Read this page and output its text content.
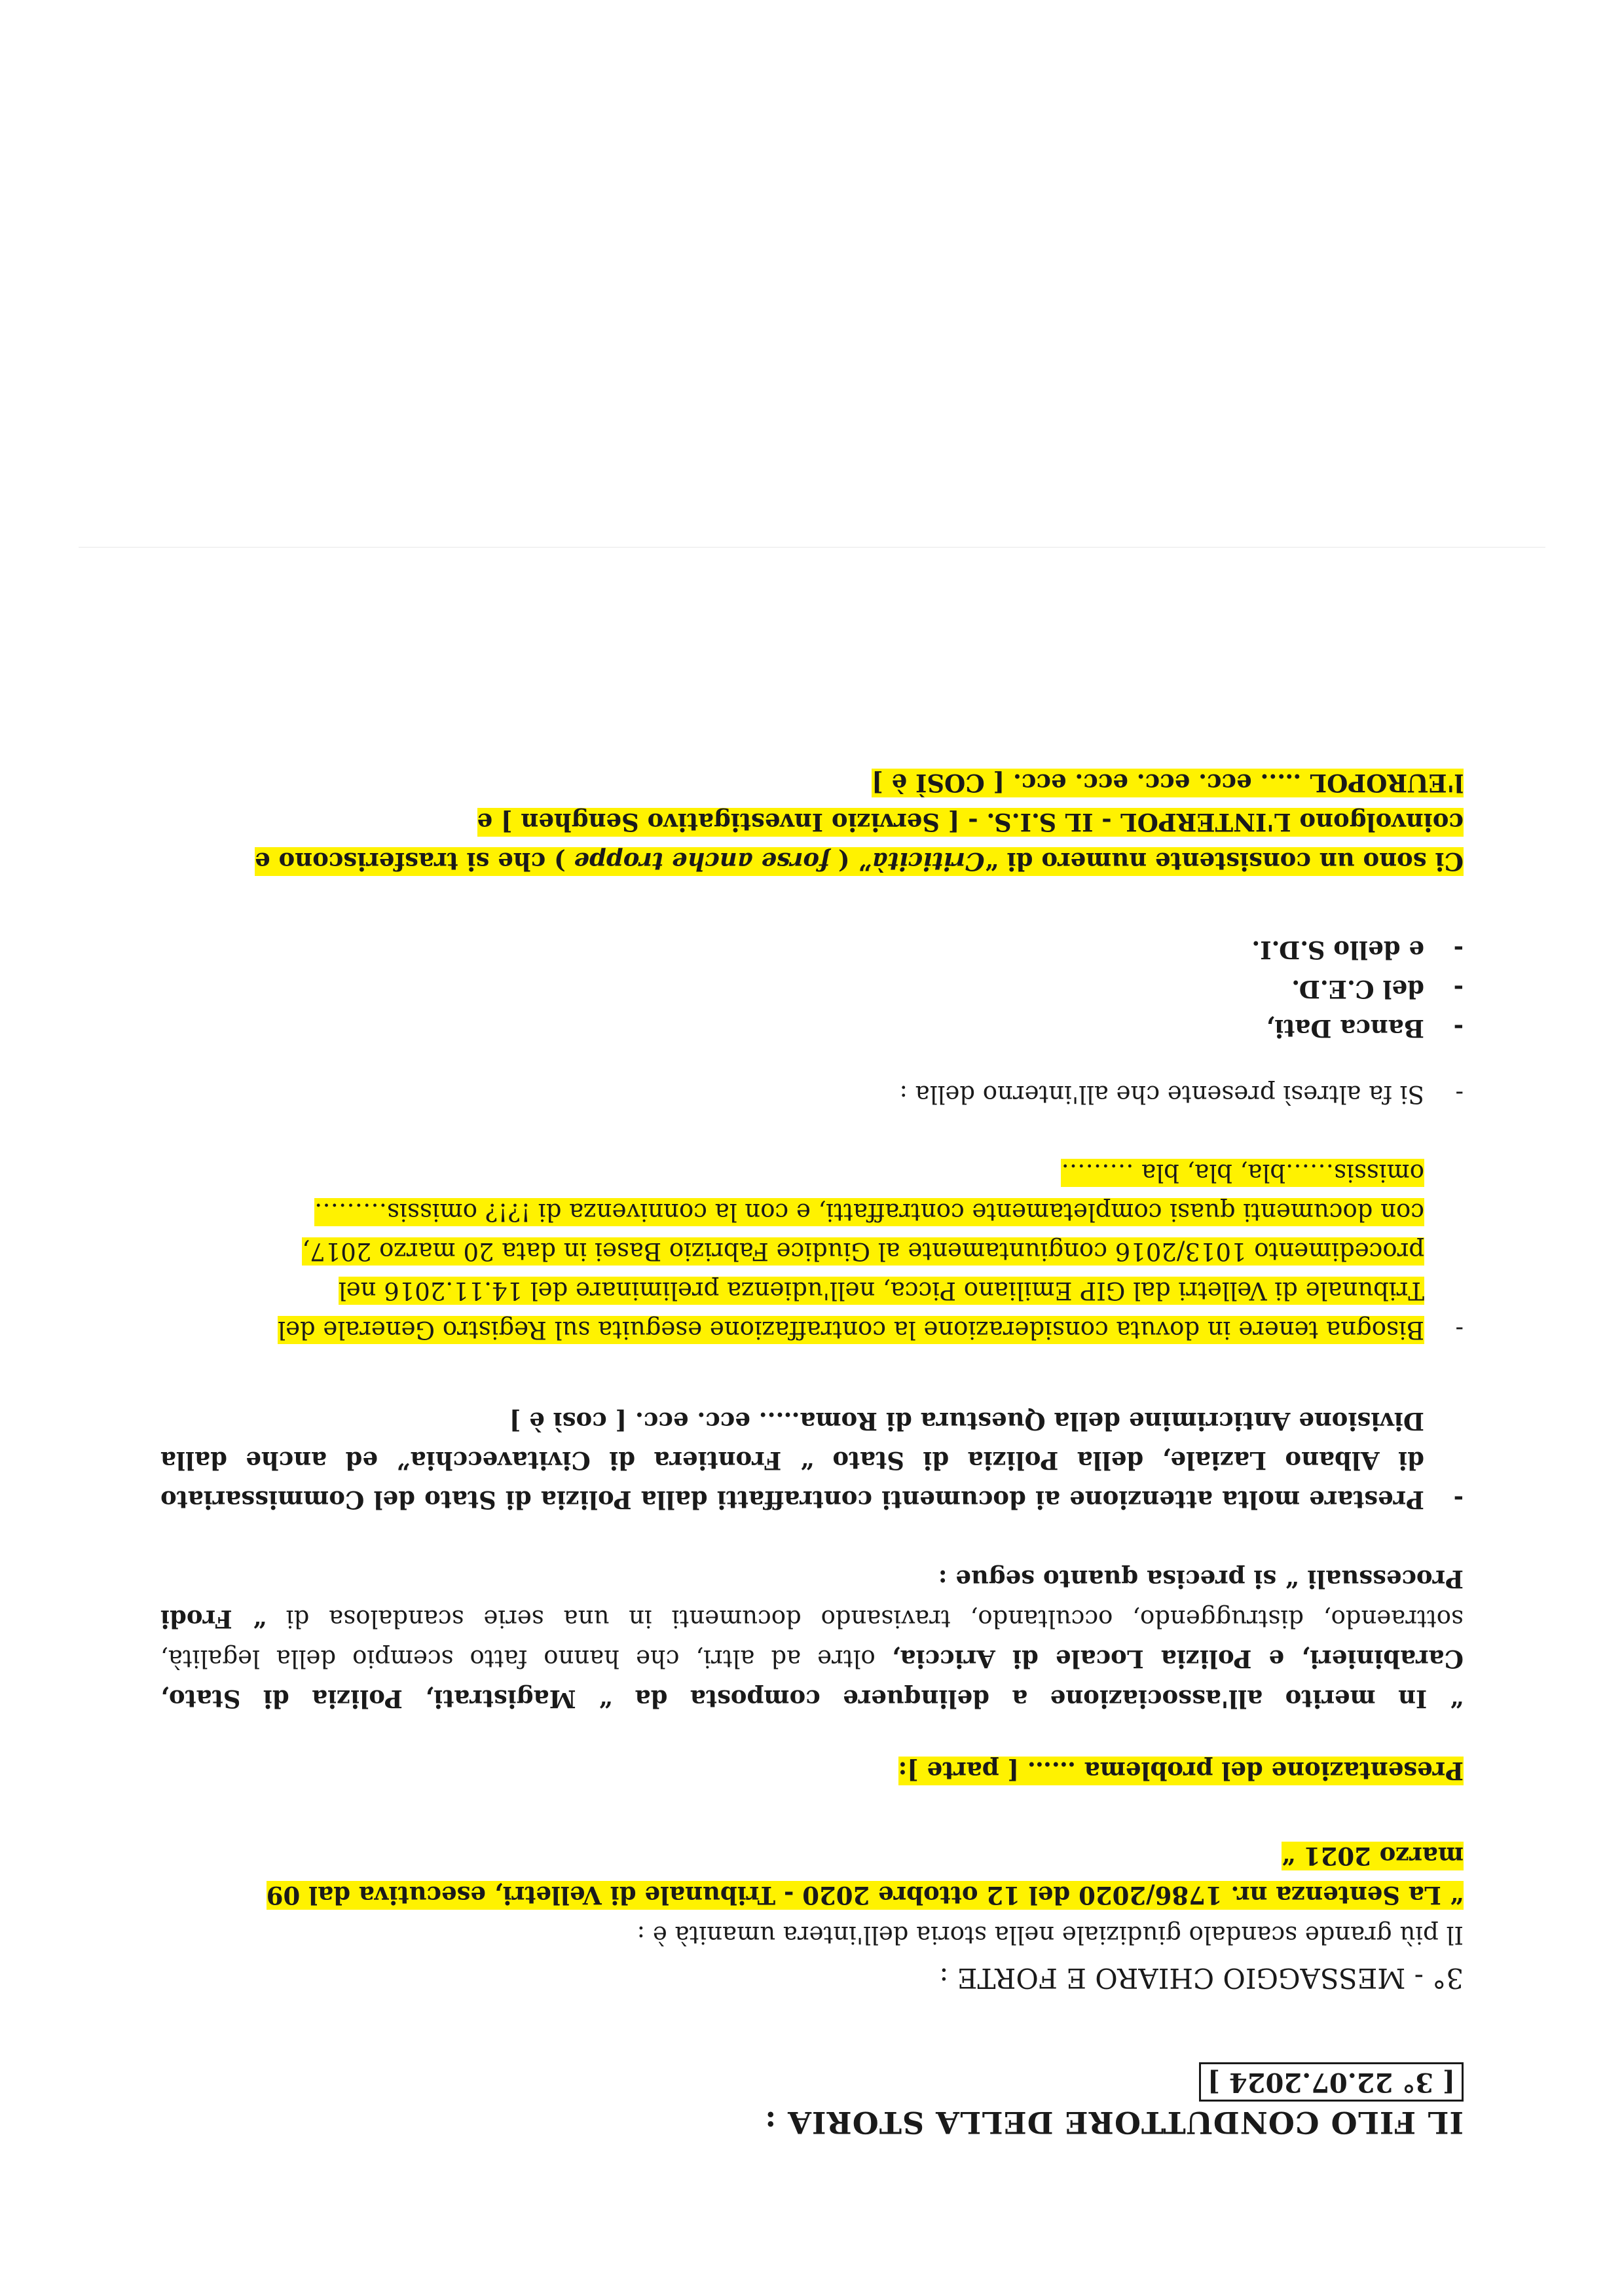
IL FILO CONDUTTORE DELLA STORIA :
[ 3° 22.07.2024 ]
3° - MESSAGGIO CHIARO E FORTE :
Il più grande scandalo giudiziale nella storia dell'intera umanità è :
“ La Sentenza nr. 1786/2020 del 12 ottobre 2020 - Tribunale di Velletri, esecutiva dal 09
marzo 2021 “
Presentazione del problema …… [ parte ]:
“ In merito all'associazione a delinquere composta da “ Magistrati, Polizia di Stato, Carabinieri, e Polizia Locale di Ariccia, oltre ad altri, che hanno fatto scempio della legalità, sottraendo, distruggendo, occultando, travisando documenti in una serie scandalosa di “ Frodi Processuali “ si precisa quanto segue :
-
Prestare molta attenzione ai documenti contraffatti dalla Polizia di Stato del Commissariato di Albano Laziale, della Polizia di Stato “ Frontiera di Civitavecchia” ed anche dalla Divisione Anticrimine della Questura di Roma….. ecc. ecc. [ così è ]
-
Bisogna tenere in dovuta considerazione la contraffazione eseguita sul Registro Generale del
Tribunale di Velletri dal GIP Emiliano Picca, nell'udienza preliminare del 14.11.2016 nel
procedimento 1013/2016 congiuntamente al Giudice Fabrizio Basei in data 20 marzo 2017,
con documenti quasi completamente contraffatti, e con la connivenza di !?!? omissis………
omissis……bla, bla, bla ………
-
Si fa altresì presente che all'interno della :
-
Banca Dati,
-
del C.E.D.
-
e dello S.D.I.
Ci sono un consistente numero di “Criticità” ( forse anche troppe ) che si trasferiscono e
coinvolgono L'INTERPOL - IL S.I.S. - [ Servizio Investigativo Senghen ] e
l'EUROPOL ….. ecc. ecc. ecc. ecc. [ COSÌ è ]
